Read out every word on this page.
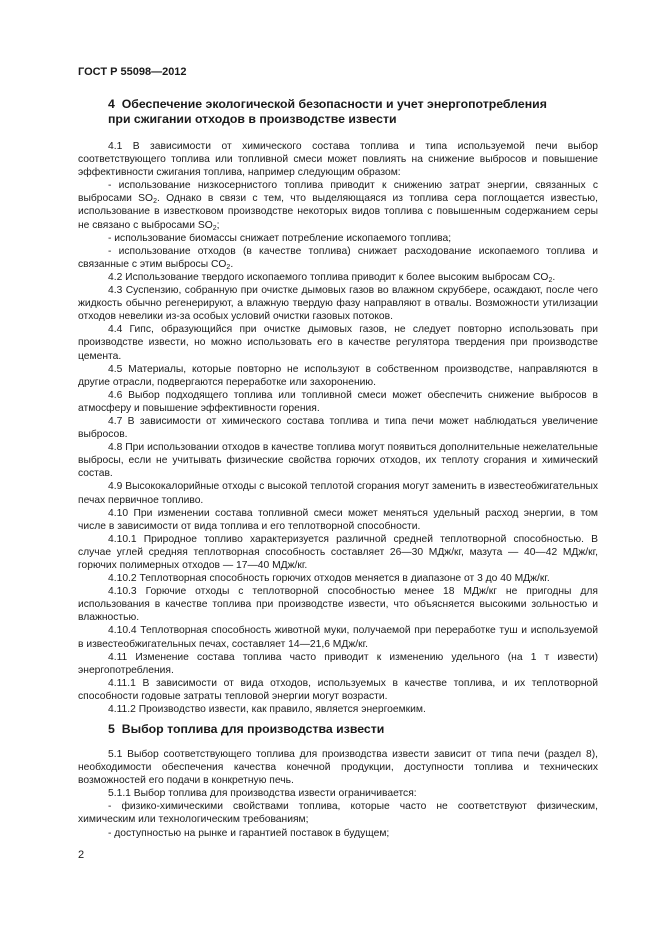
ГОСТ Р 55098—2012
4 Обеспечение экологической безопасности и учет энергопотребления
при сжигании отходов в производстве извести

4.1 В зависимости от химического состава топлива и типа используемой печи выбор соответствующего топлива или топливной смеси может повлиять на снижение выбросов и повышение эффективности сжигания топлива, например следующим образом:

- использование низкосернистого топлива приводит к снижению затрат энергии, связанных с выбросами $SO_2$. Однако в связи с тем, что выделяющаяся из топлива сера поглощается известью, использование в известковом производстве некоторых видов топлива с повышенным содержанием серы не связано с выбросами $SO_2$;

- использование биомассы снижает потребление ископаемого топлива;

- использование отходов (в качестве топлива) снижает расходование ископаемого топлива и связанные с этим выбросы $CO_2$.

4.2 Использование твердого ископаемого топлива приводит к более высоким выбросам $CO_2$.

4.3 Суспензию, собранную при очистке дымовых газов во влажном скруббере, осаждают, после чего жидкость обычно регенерируют, а влажную твердую фазу направляют в отвалы. Возможности утилизации отходов невелики из-за особых условий очистки газовых потоков.

4.4 Гипс, образующийся при очистке дымовых газов, не следует повторно использовать при производстве извести, но можно использовать его в качестве регулятора твердения при производстве цемента.

4.5 Материалы, которые повторно не используют в собственном производстве, направляются в другие отрасли, подвергаются переработке или захоронению.

4.6 Выбор подходящего топлива или топливной смеси может обеспечить снижение выбросов в атмосферу и повышение эффективности горения.

4.7 В зависимости от химического состава топлива и типа печи может наблюдаться увеличение выбросов.

4.8 При использовании отходов в качестве топлива могут появиться дополнительные нежелательные выбросы, если не учитывать физические свойства горючих отходов, их теплоту сгорания и химический состав.

4.9 Высококалорийные отходы с высокой теплотой сгорания могут заменить в известеобжигательных печах первичное топливо.

4.10 При изменении состава топливной смеси может меняться удельный расход энергии, в том числе в зависимости от вида топлива и его теплотворной способности.

4.10.1 Природное топливо характеризуется различной средней теплотворной способностью. В случае углей средняя теплотворная способность составляет 26—30 МДж/кг, мазута — 40—42 МДж/кг, горючих полимерных отходов — 17—40 МДж/кг.

4.10.2 Теплотворная способность горючих отходов меняется в диапазоне от 3 до 40 МДж/кг.

4.10.3 Горючие отходы с теплотворной способностью менее 18 МДж/кг не пригодны для использования в качестве топлива при производстве извести, что объясняется высокими зольностью и влажностью.

4.10.4 Теплотворная способность животной муки, получаемой при переработке туш и используемой в известеобжигательных печах, составляет 14—21,6 МДж/кг.

4.11 Изменение состава топлива часто приводит к изменению удельного (на 1 т извести) энергопотребления.

4.11.1 В зависимости от вида отходов, используемых в качестве топлива, и их теплотворной способности годовые затраты тепловой энергии могут возрасти.

4.11.2 Производство извести, как правило, является энергоемким.

5 Выбор топлива для производства извести

5.1 Выбор соответствующего топлива для производства извести зависит от типа печи (раздел 8), необходимости обеспечения качества конечной продукции, доступности топлива и технических возможностей его подачи в конкретную печь.

5.1.1 Выбор топлива для производства извести ограничивается:

- физико-химическими свойствами топлива, которые часто не соответствуют физическим, химическим или технологическим требованиям;

- доступностью на рынке и гарантией поставок в будущем;

2
